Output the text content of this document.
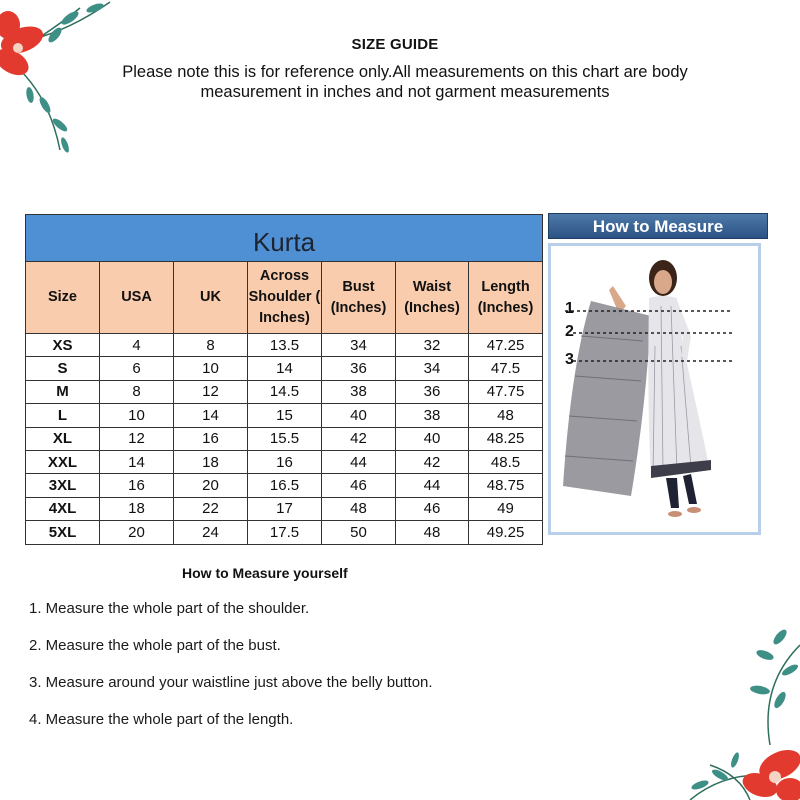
SIZE GUIDE
Please note this is for reference only.All measurements on this chart are body measurement in inches and not garment measurements
Kurta						
Size	USA	UK	Across Shoulder ( Inches)	Bust (Inches)	Waist (Inches)	Length (Inches)
XS	4	8	13.5	34	32	47.25
S	6	10	14	36	34	47.5
M	8	12	14.5	38	36	47.75
L	10	14	15	40	38	48
XL	12	16	15.5	42	40	48.25
XXL	14	18	16	44	42	48.5
3XL	16	20	16.5	46	44	48.75
4XL	18	22	17	48	46	49
5XL	20	24	17.5	50	48	49.25
How to Measure
1
2
3
How to Measure yourself
1. Measure the whole part of the shoulder.
2. Measure the whole part of the bust.
3. Measure around your waistline just above the belly button.
4. Measure the whole part of the length.
